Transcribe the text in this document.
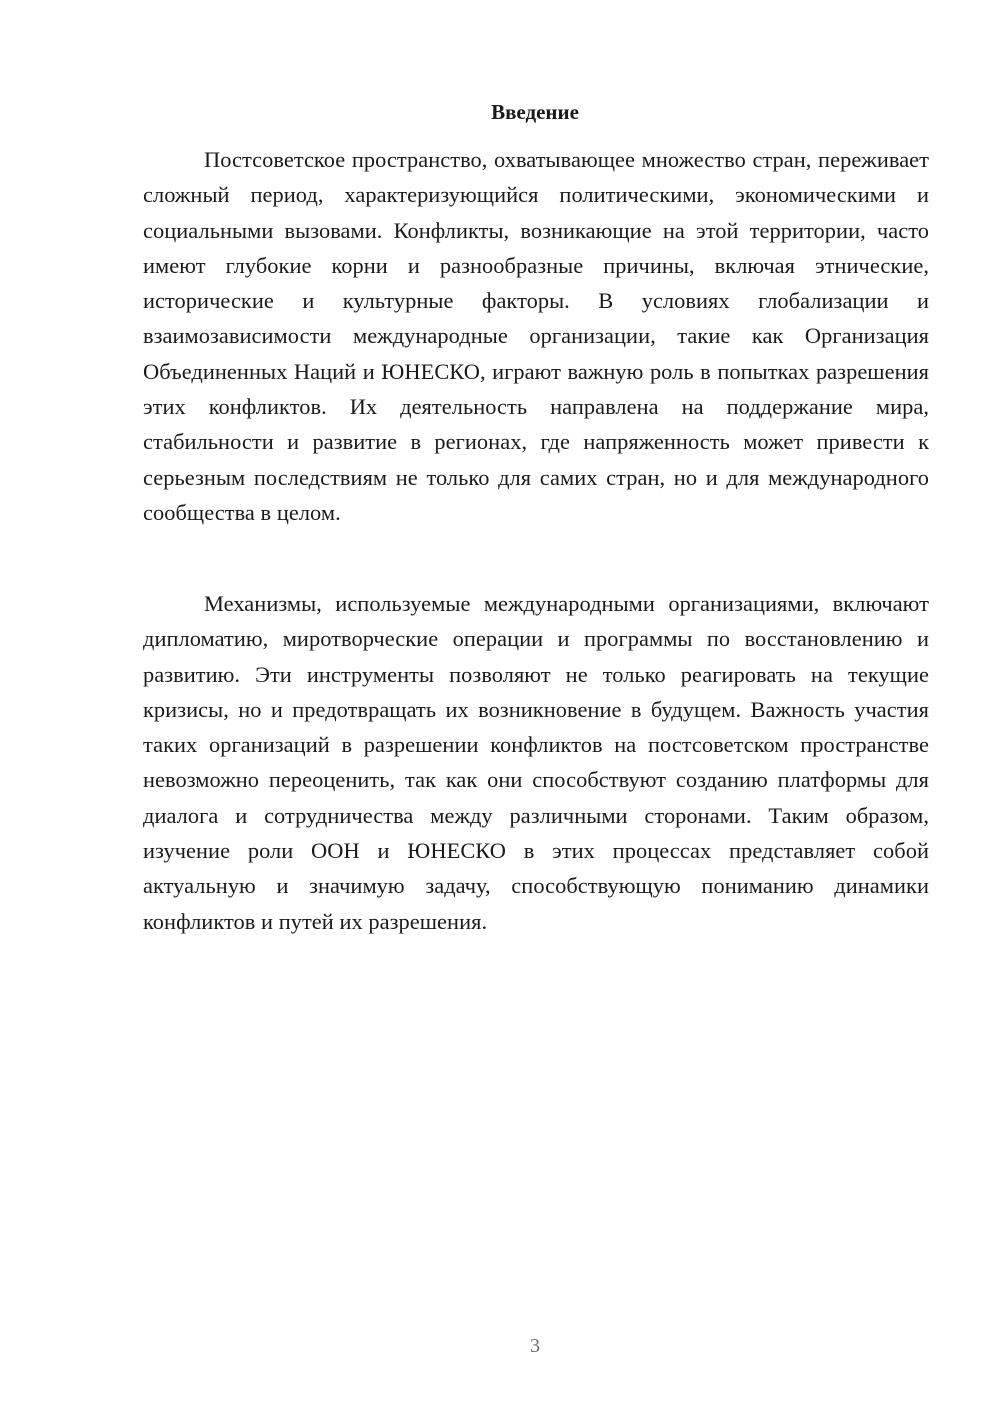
Введение

Постсоветское пространство, охватывающее множество стран, переживает сложный период, характеризующийся политическими, экономическими и социальными вызовами. Конфликты, возникающие на этой территории, часто имеют глубокие корни и разнообразные причины, включая этнические, исторические и культурные факторы. В условиях глобализации и взаимозависимости международные организации, такие как Организация Объединенных Наций и ЮНЕСКО, играют важную роль в попытках разрешения этих конфликтов. Их деятельность направлена на поддержание мира, стабильности и развитие в регионах, где напряженность может привести к серьезным последствиям не только для самих стран, но и для международного сообщества в целом.

Механизмы, используемые международными организациями, включают дипломатию, миротворческие операции и программы по восстановлению и развитию. Эти инструменты позволяют не только реагировать на текущие кризисы, но и предотвращать их возникновение в будущем. Важность участия таких организаций в разрешении конфликтов на постсоветском пространстве невозможно переоценить, так как они способствуют созданию платформы для диалога и сотрудничества между различными сторонами. Таким образом, изучение роли ООН и ЮНЕСКО в этих процессах представляет собой актуальную и значимую задачу, способствующую пониманию динамики конфликтов и путей их разрешения.

3
